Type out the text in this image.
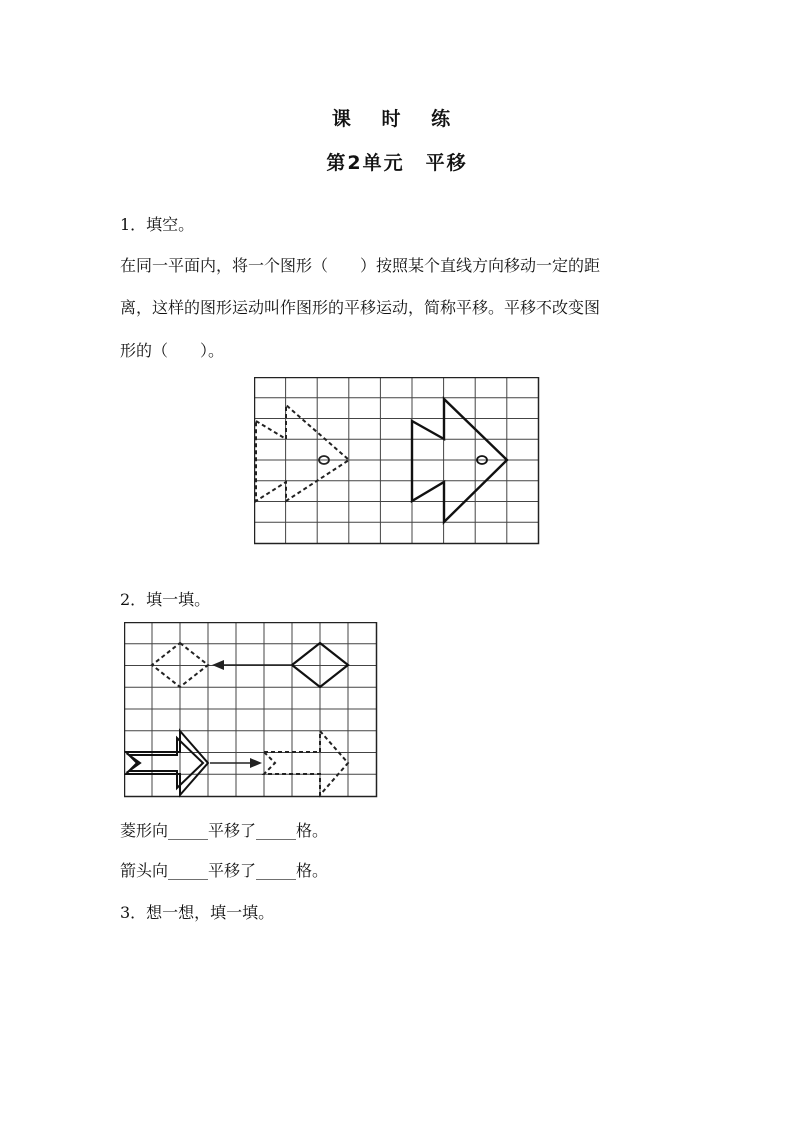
课 时 练
第2单元　平移
1．填空。
在同一平面内，将一个图形（　　）按照某个直线方向移动一定的距
离，这样的图形运动叫作图形的平移运动，简称平移。平移不改变图
形的（　　）。
2．填一填。
菱形向_____平移了_____格。
箭头向_____平移了_____格。
3．想一想，填一填。
